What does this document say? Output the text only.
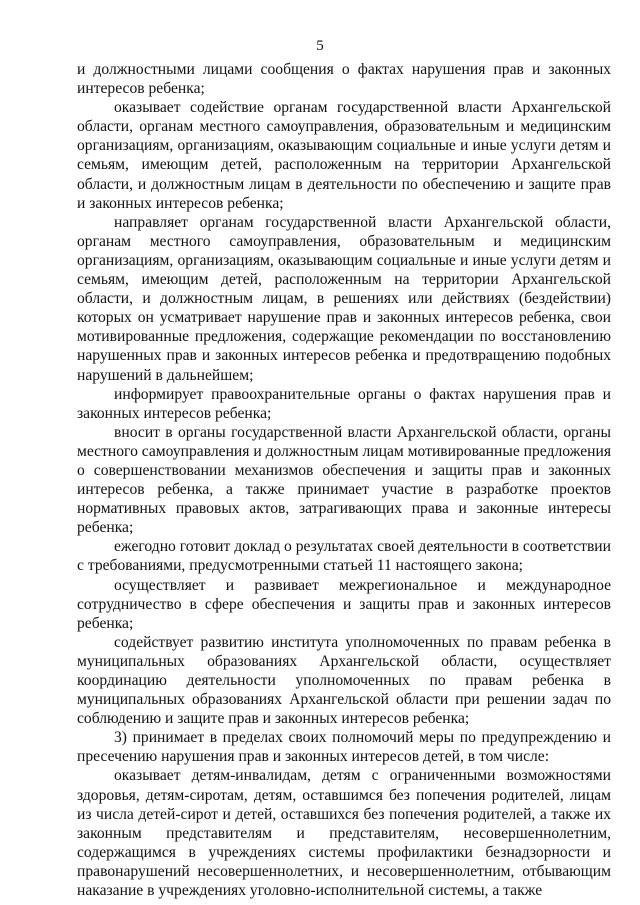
5

и должностными лицами сообщения о фактах нарушения прав и законных интересов ребенка;

оказывает содействие органам государственной власти Архангельской области, органам местного самоуправления, образовательным и медицинским организациям, организациям, оказывающим социальные и иные услуги детям и семьям, имеющим детей, расположенным на территории Архангельской области, и должностным лицам в деятельности по обеспечению и защите прав и законных интересов ребенка;

направляет органам государственной власти Архангельской области, органам местного самоуправления, образовательным и медицинским организациям, организациям, оказывающим социальные и иные услуги детям и семьям, имеющим детей, расположенным на территории Архангельской области, и должностным лицам, в решениях или действиях (бездействии) которых он усматривает нарушение прав и законных интересов ребенка, свои мотивированные предложения, содержащие рекомендации по восстановлению нарушенных прав и законных интересов ребенка и предотвращению подобных нарушений в дальнейшем;

информирует правоохранительные органы о фактах нарушения прав и законных интересов ребенка;

вносит в органы государственной власти Архангельской области, органы местного самоуправления и должностным лицам мотивированные предложения о совершенствовании механизмов обеспечения и защиты прав и законных интересов ребенка, а также принимает участие в разработке проектов нормативных правовых актов, затрагивающих права и законные интересы ребенка;

ежегодно готовит доклад о результатах своей деятельности в соответствии с требованиями, предусмотренными статьей 11 настоящего закона;

осуществляет и развивает межрегиональное и международное сотрудничество в сфере обеспечения и защиты прав и законных интересов ребенка;

содействует развитию института уполномоченных по правам ребенка в муниципальных образованиях Архангельской области, осуществляет координацию деятельности уполномоченных по правам ребенка в муниципальных образованиях Архангельской области при решении задач по соблюдению и защите прав и законных интересов ребенка;

3) принимает в пределах своих полномочий меры по предупреждению и пресечению нарушения прав и законных интересов детей, в том числе:

оказывает детям-инвалидам, детям с ограниченными возможностями здоровья, детям-сиротам, детям, оставшимся без попечения родителей, лицам из числа детей-сирот и детей, оставшихся без попечения родителей, а также их законным представителям и представителям, несовершеннолетним, содержащимся в учреждениях системы профилактики безнадзорности и правонарушений несовершеннолетних, и несовершеннолетним, отбывающим наказание в учреждениях уголовно-исполнительной системы, а также
